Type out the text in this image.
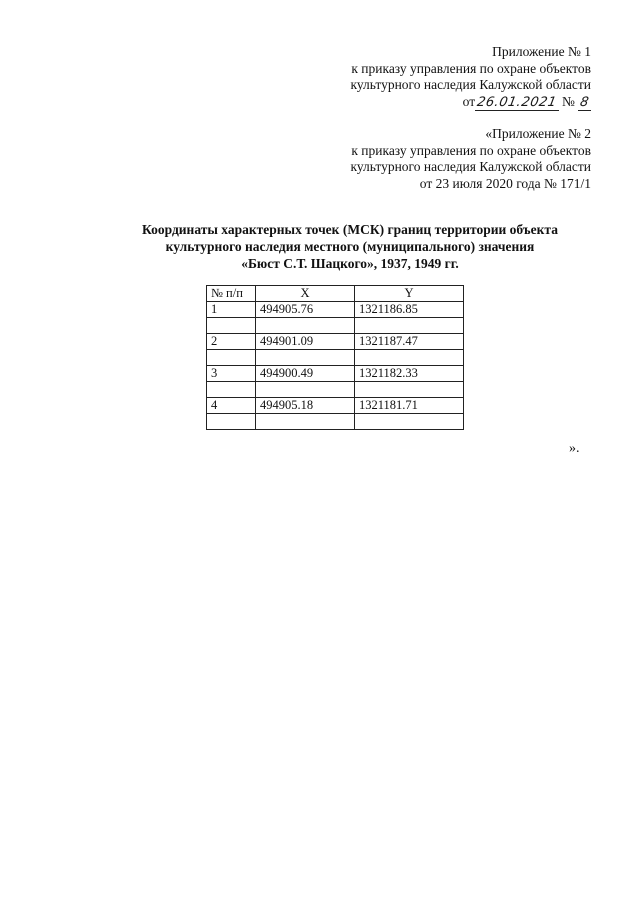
Приложение № 1
к приказу управления по охране объектов
культурного наследия Калужской области
от26.01.2021 № 8
«Приложение № 2
к приказу управления по охране объектов
культурного наследия Калужской области
от 23 июля 2020 года № 171/1
Координаты характерных точек (МСК) границ территории объекта
культурного наследия местного (муниципального) значения
«Бюст С.Т. Шацкого», 1937, 1949 гг.
№ п/п	X	Y
1	494905.76	1321186.85

2	494901.09	1321187.47

3	494900.49	1321182.33

4	494905.18	1321181.71

».
